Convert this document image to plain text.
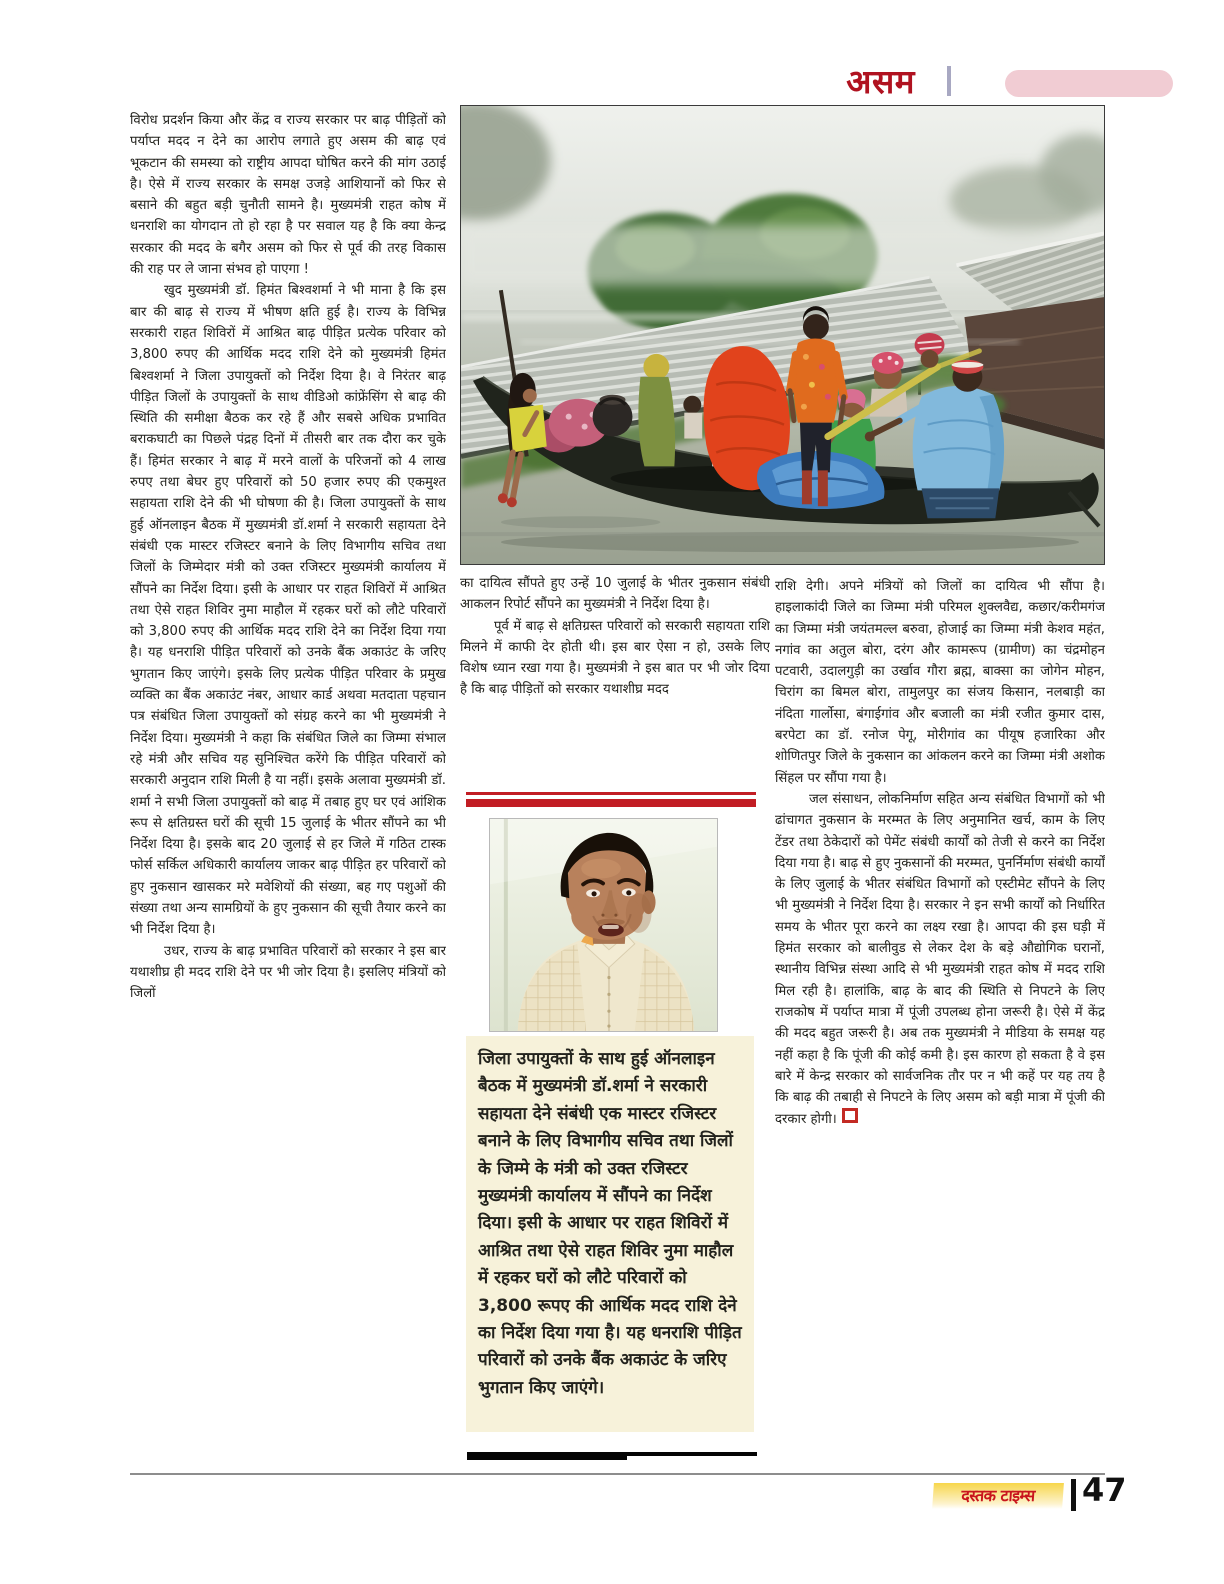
असम

विरोध प्रदर्शन किया और केंद्र व राज्य सरकार पर बाढ़ पीड़ितों को पर्याप्त मदद न देने का आरोप लगाते हुए असम की बाढ़ एवं भूकटान की समस्या को राष्ट्रीय आपदा घोषित करने की मांग उठाई है। ऐसे में राज्य सरकार के समक्ष उजड़े आशियानों को फिर से बसाने की बहुत बड़ी चुनौती सामने है। मुख्यमंत्री राहत कोष में धनराशि का योगदान तो हो रहा है पर सवाल यह है कि क्या केन्द्र सरकार की मदद के बगैर असम को फिर से पूर्व की तरह विकास की राह पर ले जाना संभव हो पाएगा !

खुद मुख्यमंत्री डॉ. हिमंत बिश्वशर्मा ने भी माना है कि इस बार की बाढ़ से राज्य में भीषण क्षति हुई है। राज्य के विभिन्न सरकारी राहत शिविरों में आश्रित बाढ़ पीड़ित प्रत्येक परिवार को 3,800 रुपए की आर्थिक मदद राशि देने को मुख्यमंत्री हिमंत बिश्वशर्मा ने जिला उपायुक्तों को निर्देश दिया है। वे निरंतर बाढ़ पीड़ित जिलों के उपायुक्तों के साथ वीडिओ कांफ्रेंसिंग से बाढ़ की स्थिति की समीक्षा बैठक कर रहे हैं और सबसे अधिक प्रभावित बराकघाटी का पिछले पंद्रह दिनों में तीसरी बार तक दौरा कर चुके हैं। हिमंत सरकार ने बाढ़ में मरने वालों के परिजनों को 4 लाख रुपए तथा बेघर हुए परिवारों को 50 हजार रुपए की एकमुश्त सहायता राशि देने की भी घोषणा की है। जिला उपायुक्तों के साथ हुई ऑनलाइन बैठक में मुख्यमंत्री डॉ.शर्मा ने सरकारी सहायता देने संबंधी एक मास्टर रजिस्टर बनाने के लिए विभागीय सचिव तथा जिलों के जिम्मेदार मंत्री को उक्त रजिस्टर मुख्यमंत्री कार्यालय में सौंपने का निर्देश दिया। इसी के आधार पर राहत शिविरों में आश्रित तथा ऐसे राहत शिविर नुमा माहौल में रहकर घरों को लौटे परिवारों को 3,800 रुपए की आर्थिक मदद राशि देने का निर्देश दिया गया है। यह धनराशि पीड़ित परिवारों को उनके बैंक अकाउंट के जरिए भुगतान किए जाएंगे। इसके लिए प्रत्येक पीड़ित परिवार के प्रमुख व्यक्ति का बैंक अकाउंट नंबर, आधार कार्ड अथवा मतदाता पहचान पत्र संबंधित जिला उपायुक्तों को संग्रह करने का भी मुख्यमंत्री ने निर्देश दिया। मुख्यमंत्री ने कहा कि संबंधित जिले का जिम्मा संभाल रहे मंत्री और सचिव यह सुनिश्चित करेंगे कि पीड़ित परिवारों को सरकारी अनुदान राशि मिली है या नहीं। इसके अलावा मुख्यमंत्री डॉ. शर्मा ने सभी जिला उपायुक्तों को बाढ़ में तबाह हुए घर एवं आंशिक रूप से क्षतिग्रस्त घरों की सूची 15 जुलाई के भीतर सौंपने का भी निर्देश दिया है। इसके बाद 20 जुलाई से हर जिले में गठित टास्क फोर्स सर्किल अधिकारी कार्यालय जाकर बाढ़ पीड़ित हर परिवारों को हुए नुकसान खासकर मरे मवेशियों की संख्या, बह गए पशुओं की संख्या तथा अन्य सामग्रियों के हुए नुकसान की सूची तैयार करने का भी निर्देश दिया है।

उधर, राज्य के बाढ़ प्रभावित परिवारों को सरकार ने इस बार यथाशीघ्र ही मदद राशि देने पर भी जोर दिया है। इसलिए मंत्रियों को जिलों

का दायित्व सौंपते हुए उन्हें 10 जुलाई के भीतर नुकसान संबंधी आकलन रिपोर्ट सौंपने का मुख्यमंत्री ने निर्देश दिया है।

पूर्व में बाढ़ से क्षतिग्रस्त परिवारों को सरकारी सहायता राशि मिलने में काफी देर होती थी। इस बार ऐसा न हो, उसके लिए विशेष ध्यान रखा गया है। मुख्यमंत्री ने इस बात पर भी जोर दिया है कि बाढ़ पीड़ितों को सरकार यथाशीघ्र मदद

जिला उपायुक्तों के साथ हुई ऑनलाइन बैठक में मुख्यमंत्री डॉ.शर्मा ने सरकारी सहायता देने संबंधी एक मास्टर रजिस्टर बनाने के लिए विभागीय सचिव तथा जिलों के जिम्मे के मंत्री को उक्त रजिस्टर मुख्यमंत्री कार्यालय में सौंपने का निर्देश दिया। इसी के आधार पर राहत शिविरों में आश्रित तथा ऐसे राहत शिविर नुमा माहौल में रहकर घरों को लौटे परिवारों को 3,800 रूपए की आर्थिक मदद राशि देने का निर्देश दिया गया है। यह धनराशि पीड़ित परिवारों को उनके बैंक अकाउंट के जरिए भुगतान किए जाएंगे।

राशि देगी। अपने मंत्रियों को जिलों का दायित्व भी सौंपा है। हाइलाकांदी जिले का जिम्मा मंत्री परिमल शुक्लवैद्य, कछार/करीमगंज का जिम्मा मंत्री जयंतमल्ल बरुवा, होजाई का जिम्मा मंत्री केशव महंत, नगांव का अतुल बोरा, दरंग और कामरूप (ग्रामीण) का चंद्रमोहन पटवारी, उदालगुड़ी का उर्खाव गौरा ब्रह्म, बाक्सा का जोगेन मोहन, चिरांग का बिमल बोरा, तामुलपुर का संजय किसान, नलबाड़ी का नंदिता गार्लोसा, बंगाईगांव और बजाली का मंत्री रजीत कुमार दास, बरपेटा का डॉ. रनोज पेगू, मोरीगांव का पीयूष हजारिका और शोणितपुर जिले के नुकसान का आंकलन करने का जिम्मा मंत्री अशोक सिंहल पर सौंपा गया है।

जल संसाधन, लोकनिर्माण सहित अन्य संबंधित विभागों को भी ढांचागत नुकसान के मरम्मत के लिए अनुमानित खर्च, काम के लिए टेंडर तथा ठेकेदारों को पेमेंट संबंधी कार्यों को तेजी से करने का निर्देश दिया गया है। बाढ़ से हुए नुकसानों की मरम्मत, पुनर्निर्माण संबंधी कार्यों के लिए जुलाई के भीतर संबंधित विभागों को एस्टीमेट सौंपने के लिए भी मुख्यमंत्री ने निर्देश दिया है। सरकार ने इन सभी कार्यों को निर्धारित समय के भीतर पूरा करने का लक्ष्य रखा है। आपदा की इस घड़ी में हिमंत सरकार को बालीवुड से लेकर देश के बड़े औद्योगिक घरानों, स्थानीय विभिन्न संस्था आदि से भी मुख्यमंत्री राहत कोष में मदद राशि मिल रही है। हालांकि, बाढ़ के बाद की स्थिति से निपटने के लिए राजकोष में पर्याप्त मात्रा में पूंजी उपलब्ध होना जरूरी है। ऐसे में केंद्र की मदद बहुत जरूरी है। अब तक मुख्यमंत्री ने मीडिया के समक्ष यह नहीं कहा है कि पूंजी की कोई कमी है। इस कारण हो सकता है वे इस बारे में केन्द्र सरकार को सार्वजनिक तौर पर न भी कहें पर यह तय है कि बाढ़ की तबाही से निपटने के लिए असम को बड़ी मात्रा में पूंजी की दरकार होगी।

दस्तक टाइम्स	47
